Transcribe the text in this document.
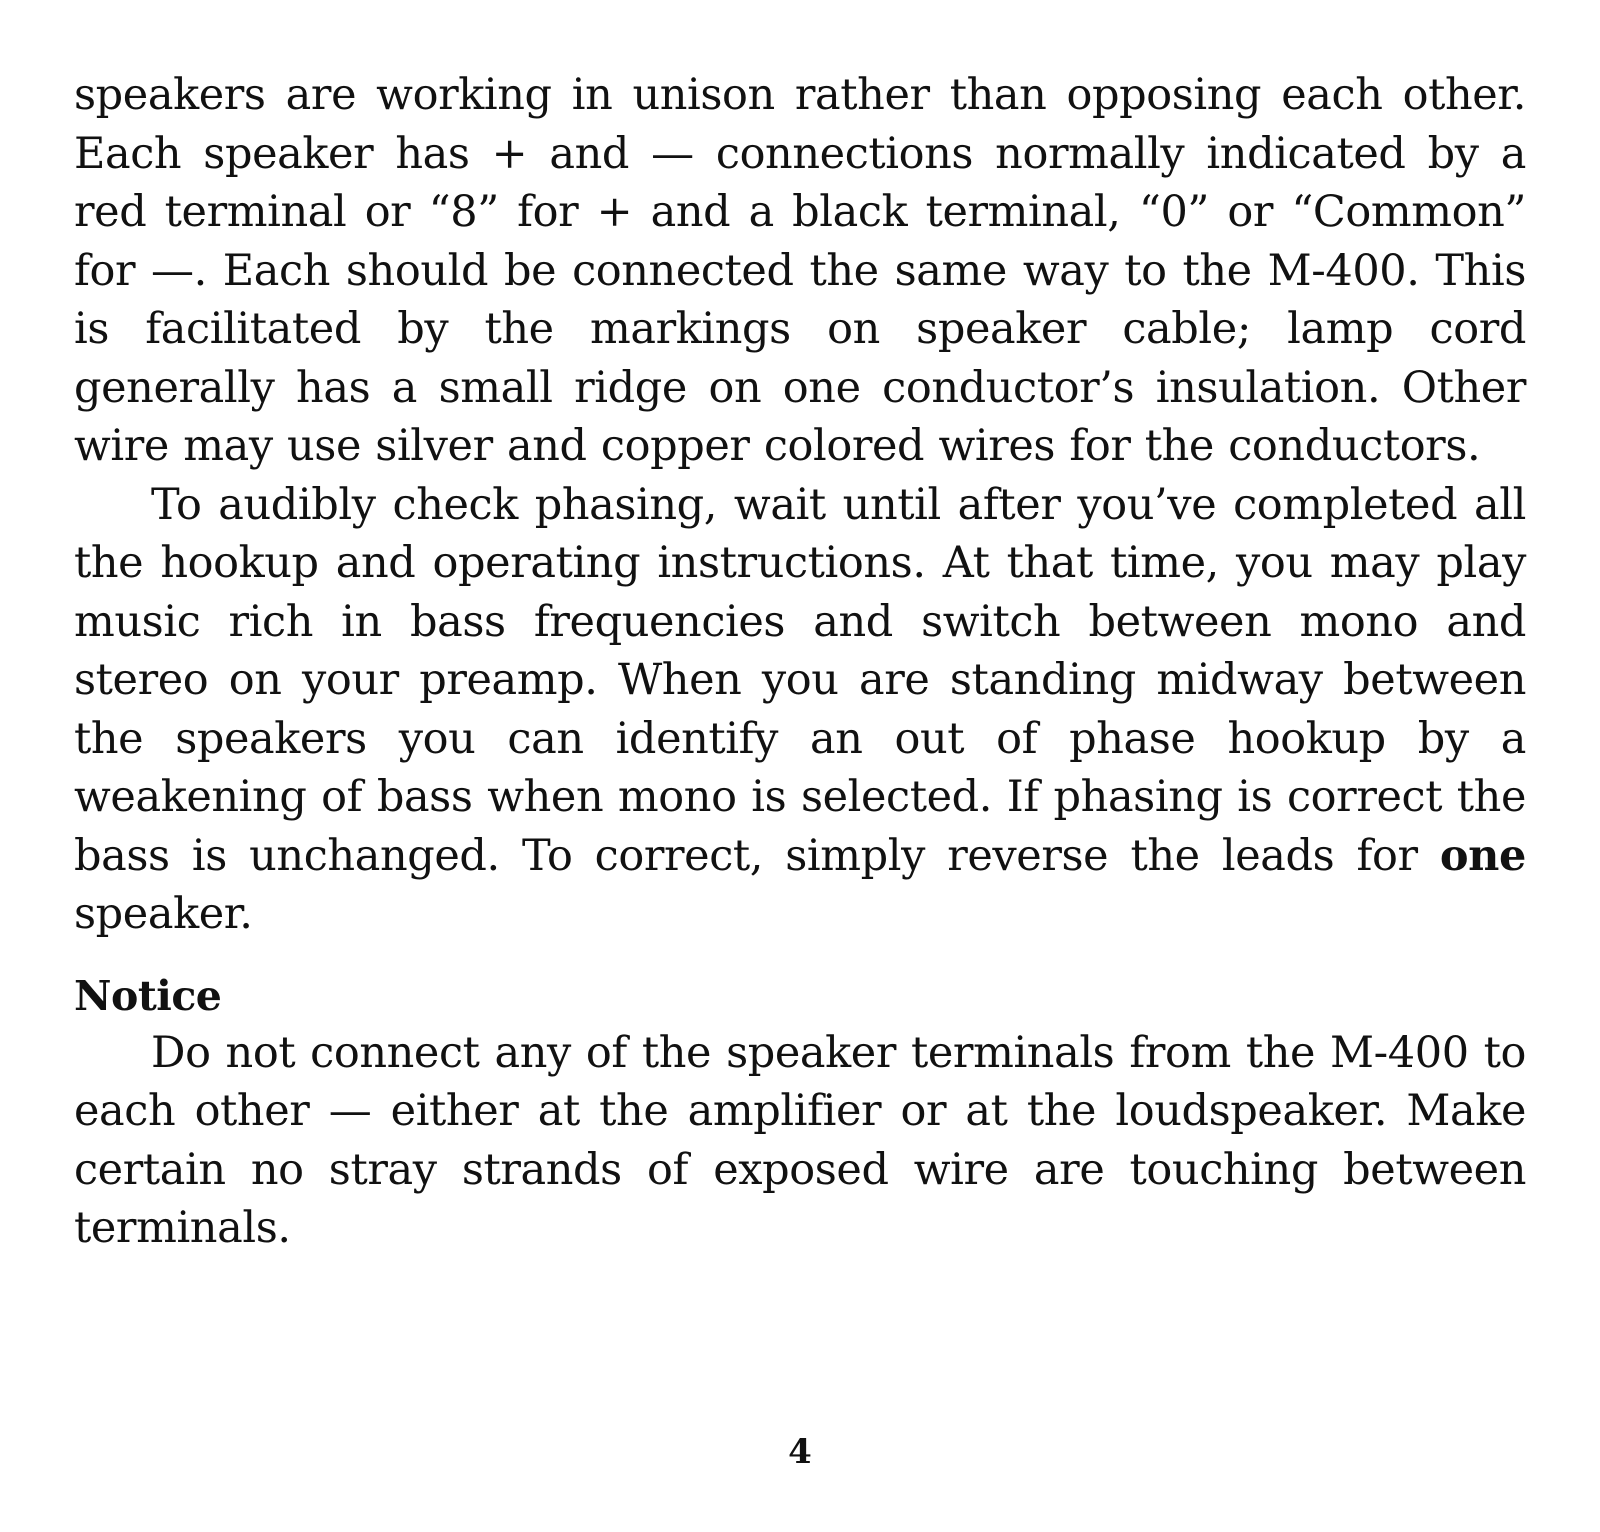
speakers are working in unison rather than opposing each other. Each speaker has + and — connections normally indicated by a red terminal or “8” for + and a black terminal, “0” or “Common” for —. Each should be connected the same way to the M-400. This is facilitated by the markings on speaker cable; lamp cord generally has a small ridge on one conductor’s insulation. Other wire may use silver and copper colored wires for the conductors.

To audibly check phasing, wait until after you’ve completed all the hookup and operating instructions. At that time, you may play music rich in bass frequencies and switch between mono and stereo on your preamp. When you are standing midway between the speakers you can identify an out of phase hookup by a weakening of bass when mono is selected. If phasing is correct the bass is unchanged. To correct, simply reverse the leads for one speaker.

Notice

Do not connect any of the speaker terminals from the M-400 to each other — either at the amplifier or at the loudspeaker. Make certain no stray strands of exposed wire are touching between terminals.

4
